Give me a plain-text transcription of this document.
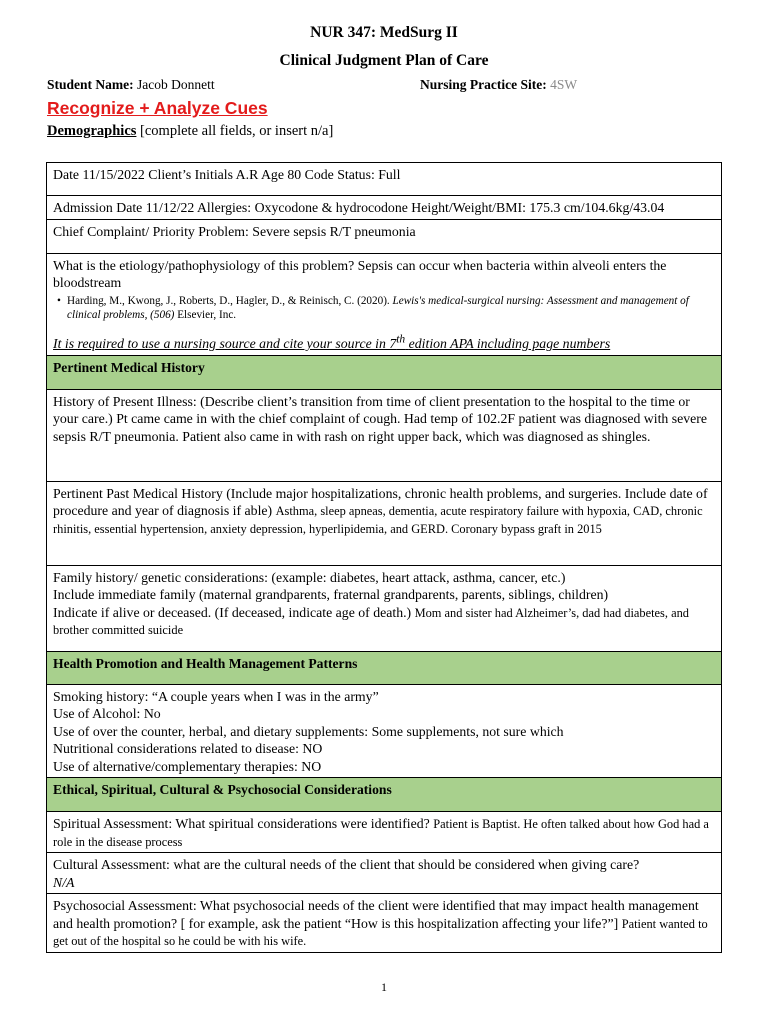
NUR 347: MedSurg II
Clinical Judgment Plan of Care
Student Name: Jacob Donnett	Nursing Practice Site: 4SW
Recognize + Analyze Cues
Demographics [complete all fields, or insert n/a]
Date 11/15/2022 Client’s Initials A.R Age 80 Code Status: Full
Admission Date 11/12/22 Allergies: Oxycodone & hydrocodone Height/Weight/BMI: 175.3 cm/104.6kg/43.04
Chief Complaint/ Priority Problem: Severe sepsis R/T pneumonia

What is the etiology/pathophysiology of this problem? Sepsis can occur when bacteria within alveoli enters the bloodstream
• Harding, M., Kwong, J., Roberts, D., Hagler, D., & Reinisch, C. (2020). Lewis's medical-surgical nursing: Assessment and management of clinical problems, (506) Elsevier, Inc.
It is required to use a nursing source and cite your source in 7th edition APA including page numbers

Pertinent Medical History
History of Present Illness: (Describe client’s transition from time of client presentation to the hospital to the time or your care.) Pt came came in with the chief complaint of cough. Had temp of 102.2F patient was diagnosed with severe sepsis R/T pneumonia. Patient also came in with rash on right upper back, which was diagnosed as shingles.
Pertinent Past Medical History (Include major hospitalizations, chronic health problems, and surgeries. Include date of procedure and year of diagnosis if able) Asthma, sleep apneas, dementia, acute respiratory failure with hypoxia, CAD, chronic rhinitis, essential hypertension, anxiety depression, hyperlipidemia, and GERD. Coronary bypass graft in 2015

Family history/ genetic considerations: (example: diabetes, heart attack, asthma, cancer, etc.)
Include immediate family (maternal grandparents, fraternal grandparents, parents, siblings, children)
Indicate if alive or deceased. (If deceased, indicate age of death.) Mom and sister had Alzheimer’s, dad had diabetes, and brother committed suicide

Health Promotion and Health Management Patterns

Smoking history: “A couple years when I was in the army”
Use of Alcohol: No
Use of over the counter, herbal, and dietary supplements: Some supplements, not sure which
Nutritional considerations related to disease: NO
Use of alternative/complementary therapies: NO

Ethical, Spiritual, Cultural & Psychosocial Considerations
Spiritual Assessment: What spiritual considerations were identified? Patient is Baptist. He often talked about how God had a role in the disease process

Cultural Assessment: what are the cultural needs of the client that should be considered when giving care?
N/A

Psychosocial Assessment: What psychosocial needs of the client were identified that may impact health management and health promotion? [ for example, ask the patient “How is this hospitalization affecting your life?”] Patient wanted to get out of the hospital so he could be with his wife.
1
